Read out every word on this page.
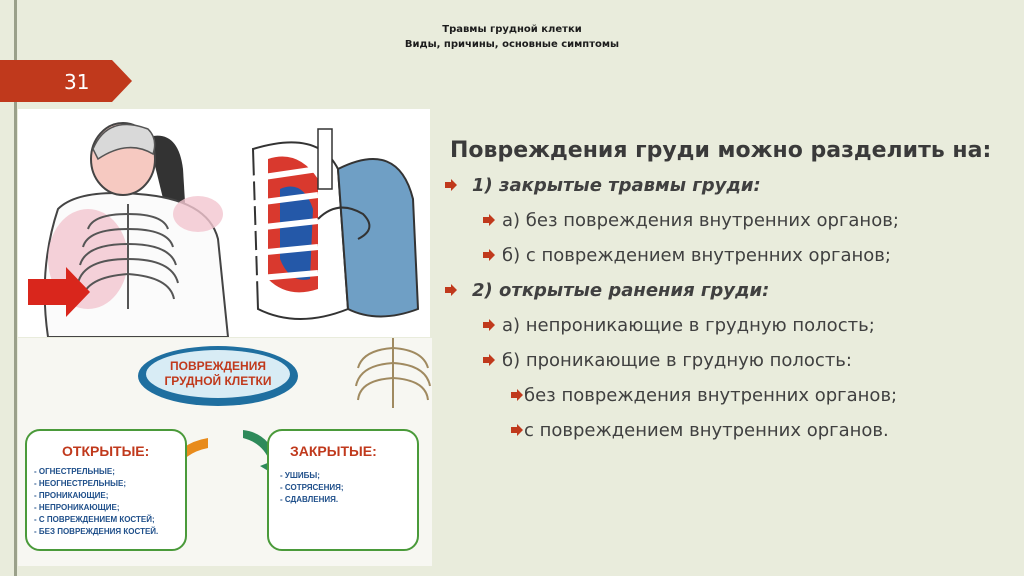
Травмы грудной клетки
Виды, причины, основные симптомы
31
ПОВРЕЖДЕНИЯ
ГРУДНОЙ КЛЕТКИ
ОТКРЫТЫЕ:
- ОГНЕСТРЕЛЬНЫЕ;
- НЕОГНЕСТРЕЛЬНЫЕ;
- ПРОНИКАЮЩИЕ;
- НЕПРОНИКАЮЩИЕ;
- С ПОВРЕЖДЕНИЕМ КОСТЕЙ;
- БЕЗ ПОВРЕЖДЕНИЯ КОСТЕЙ.
ЗАКРЫТЫЕ:
- УШИБЫ;
- СОТРЯСЕНИЯ;
- СДАВЛЕНИЯ.
Повреждения груди можно разделить на:
1) закрытые травмы груди:
а) без повреждения внутренних органов;
б) с повреждением внутренних органов;
2) открытые ранения груди:
а) непроникающие в грудную полость;
б) проникающие в грудную полость:
без повреждения внутренних органов;
с повреждением внутренних органов.
